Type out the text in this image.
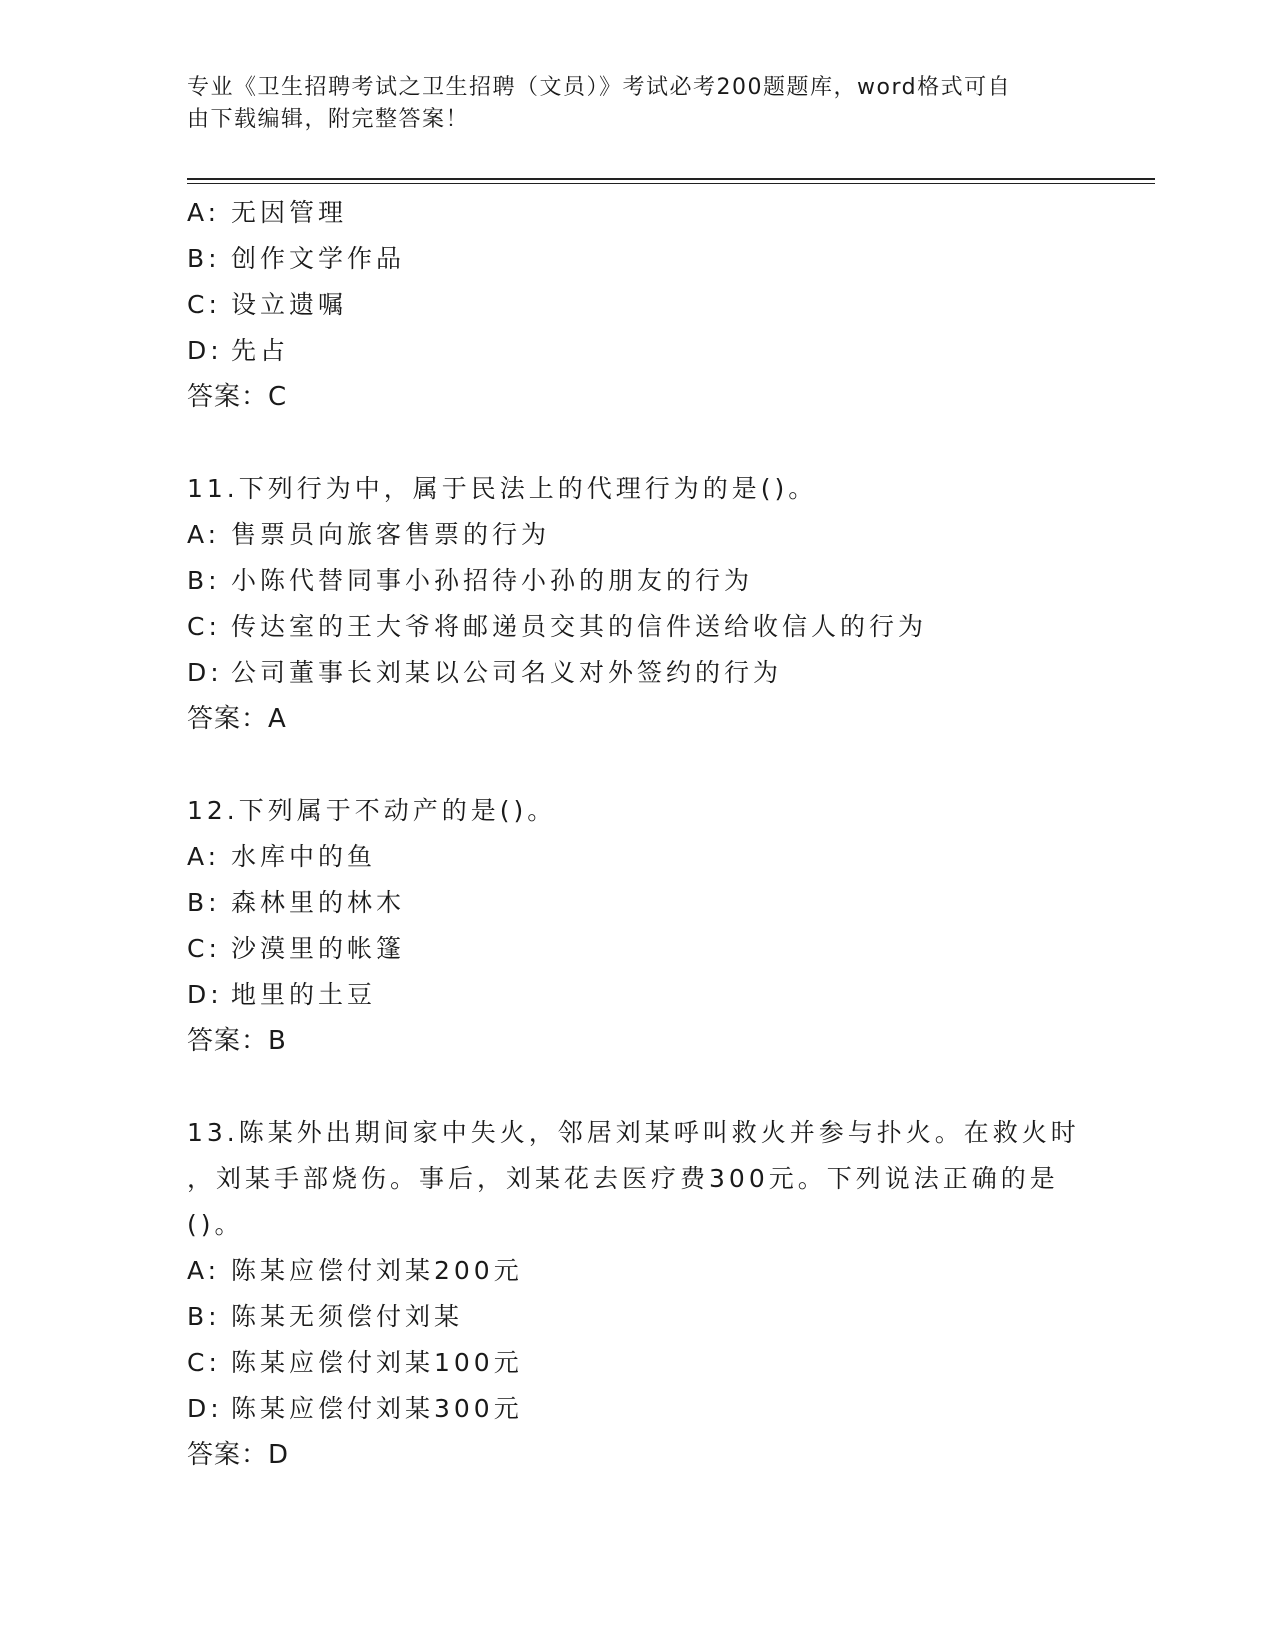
专业《卫生招聘考试之卫生招聘（文员）》考试必考200题题库，word格式可自
由下载编辑，附完整答案！
A: 无因管理
B: 创作文学作品
C: 设立遗嘱
D: 先占
答案：C
11.下列行为中，属于民法上的代理行为的是()。
A: 售票员向旅客售票的行为
B: 小陈代替同事小孙招待小孙的朋友的行为
C: 传达室的王大爷将邮递员交其的信件送给收信人的行为
D: 公司董事长刘某以公司名义对外签约的行为
答案：A
12.下列属于不动产的是()。
A: 水库中的鱼
B: 森林里的林木
C: 沙漠里的帐篷
D: 地里的土豆
答案：B
13.陈某外出期间家中失火，邻居刘某呼叫救火并参与扑火。在救火时
，刘某手部烧伤。事后，刘某花去医疗费300元。下列说法正确的是
()。
A: 陈某应偿付刘某200元
B: 陈某无须偿付刘某
C: 陈某应偿付刘某100元
D: 陈某应偿付刘某300元
答案：D
